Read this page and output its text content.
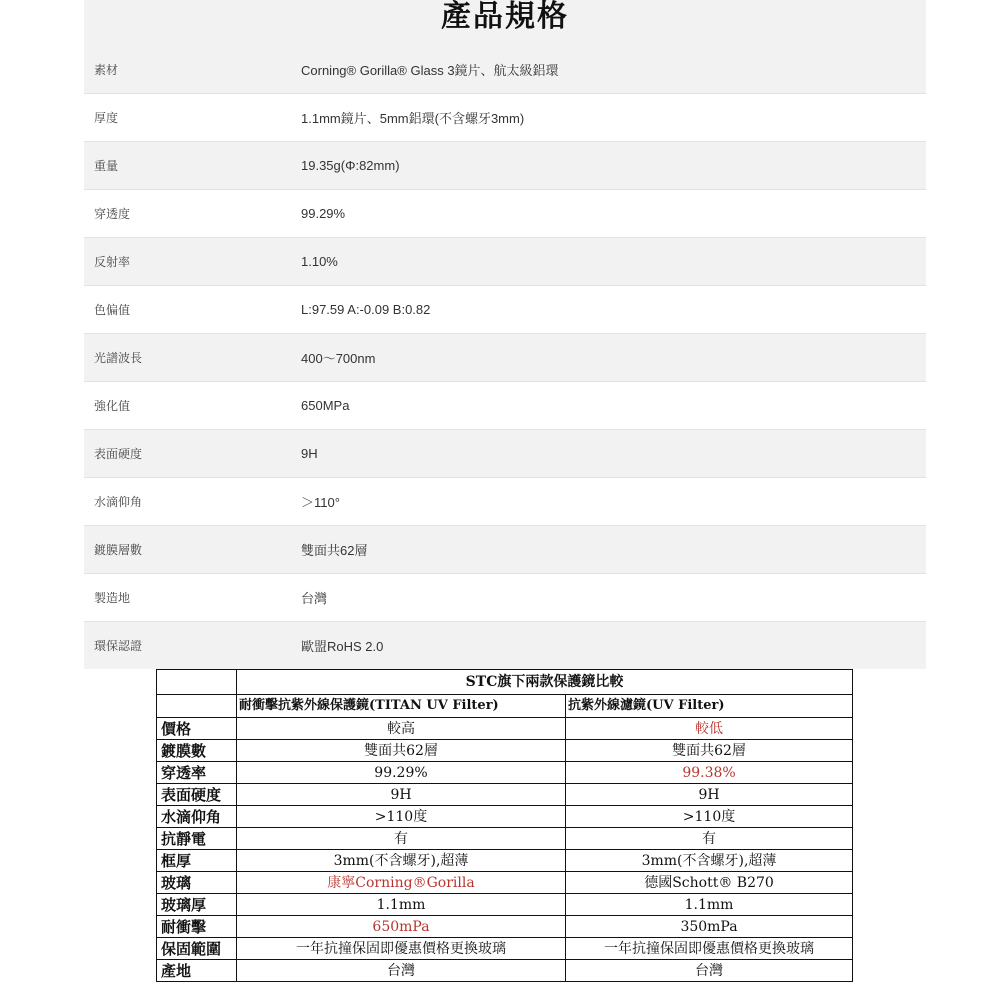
產品規格
素材	Corning® Gorilla® Glass 3鏡片、航太級鋁環
厚度	1.1mm鏡片、5mm鋁環(不含螺牙3mm)
重量	19.35g(Φ:82mm)
穿透度	99.29%
反射率	1.10%
色偏值	L:97.59 A:-0.09 B:0.82
光譜波長	400～700nm
強化值	650MPa
表面硬度	9H
水滴仰角	＞110°
鍍膜層數	雙面共62層
製造地	台灣
環保認證	歐盟RoHS 2.0
	STC旗下兩款保護鏡比較	
	耐衝擊抗紫外線保護鏡(TITAN UV Filter)	抗紫外線濾鏡(UV Filter)
價格	較高	較低
鍍膜數	雙面共62層	雙面共62層
穿透率	99.29%	99.38%
表面硬度	9H	9H
水滴仰角	>110度	>110度
抗靜電	有	有
框厚	3mm(不含螺牙),超薄	3mm(不含螺牙),超薄
玻璃	康寧Corning®Gorilla	德國Schott® B270
玻璃厚	1.1mm	1.1mm
耐衝擊	650mPa	350mPa
保固範圍	一年抗撞保固即優惠價格更換玻璃	一年抗撞保固即優惠價格更換玻璃
產地	台灣	台灣
